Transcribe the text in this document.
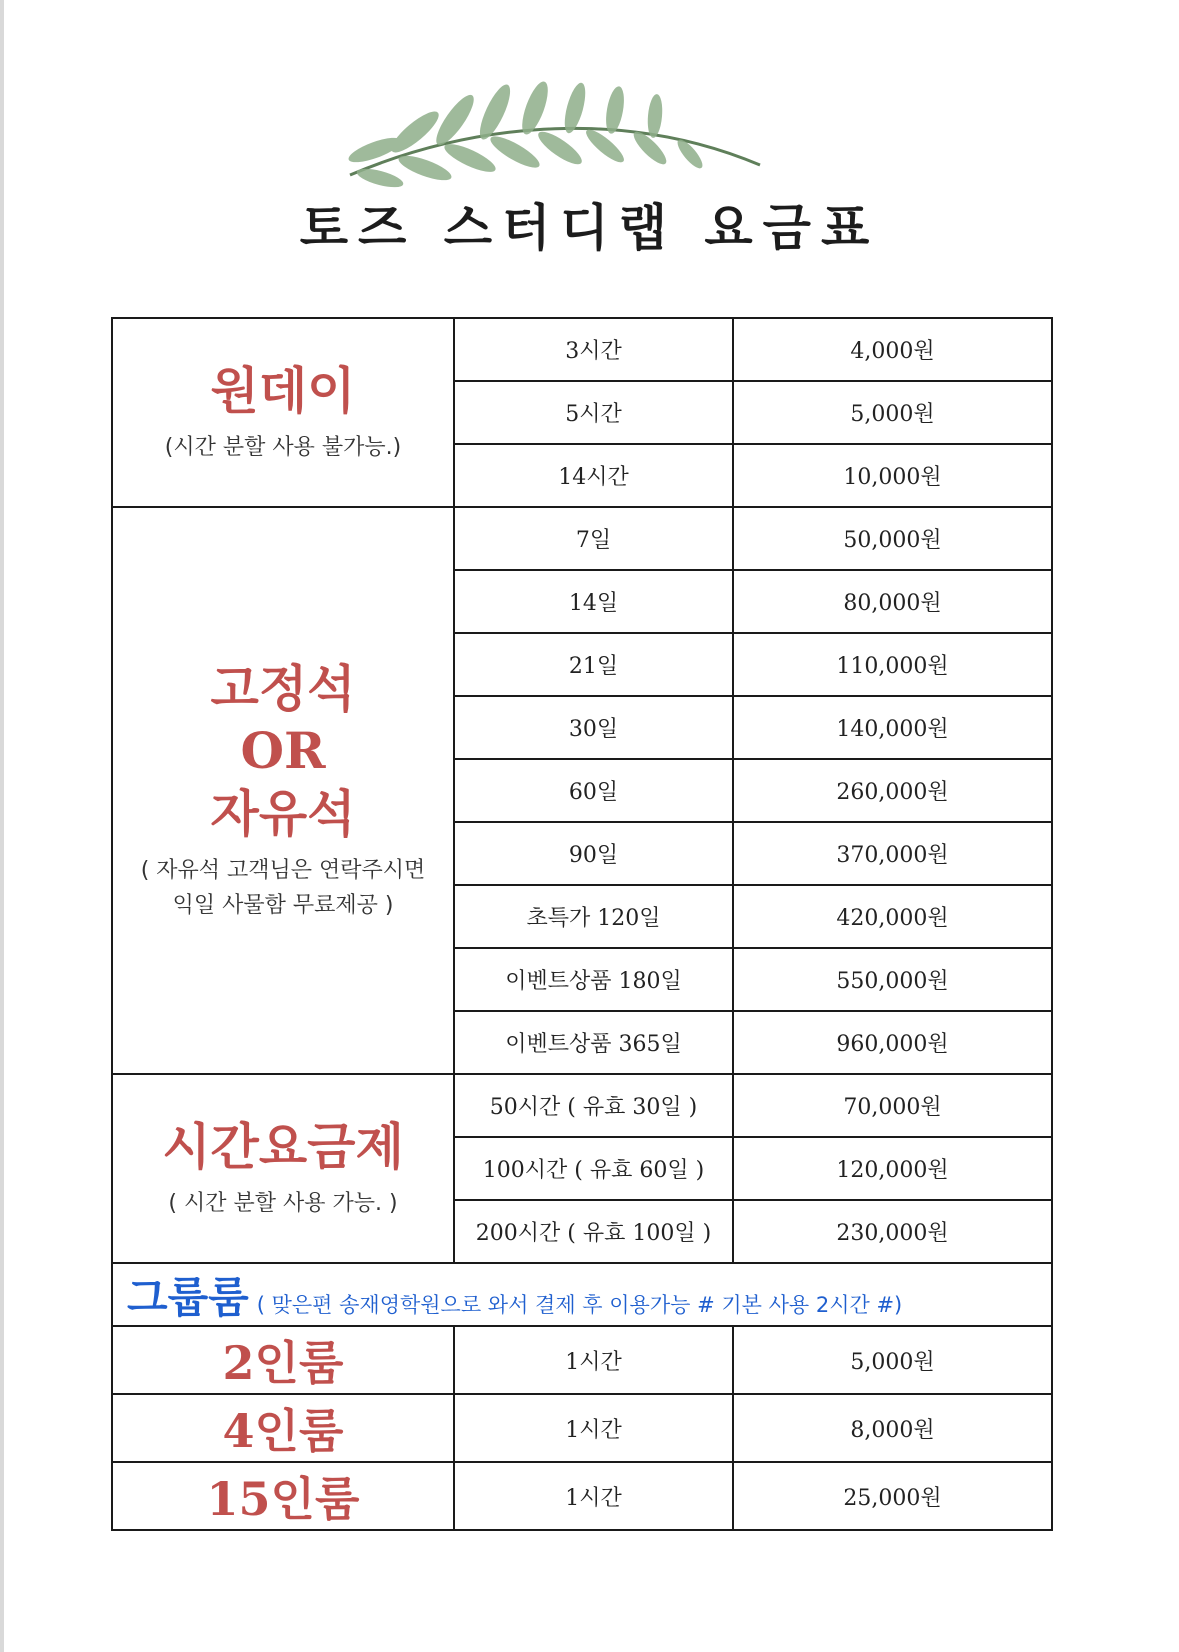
토즈 스터디랩 요금표
원데이
(시간 분할 사용 불가능.)	3시간	4,000원
	5시간	5,000원
	14시간	10,000원

고정석
OR
자유석
( 자유석 고객님은 연락주시면
익일 사물함 무료제공 )	7일	50,000원
	14일	80,000원
	21일	110,000원
	30일	140,000원
	60일	260,000원
	90일	370,000원
	초특가 120일	420,000원
	이벤트상품 180일	550,000원
	이벤트상품 365일	960,000원

시간요금제
( 시간 분할 사용 가능. )	50시간 ( 유효 30일 )	70,000원
	100시간 ( 유효 60일 )	120,000원
	200시간 ( 유효 100일 )	230,000원
그룹룸 ( 맞은편 송재영학원으로 와서 결제 후 이용가능 # 기본 사용 2시간 #)		
2인룸	1시간	5,000원
4인룸	1시간	8,000원
15인룸	1시간	25,000원
